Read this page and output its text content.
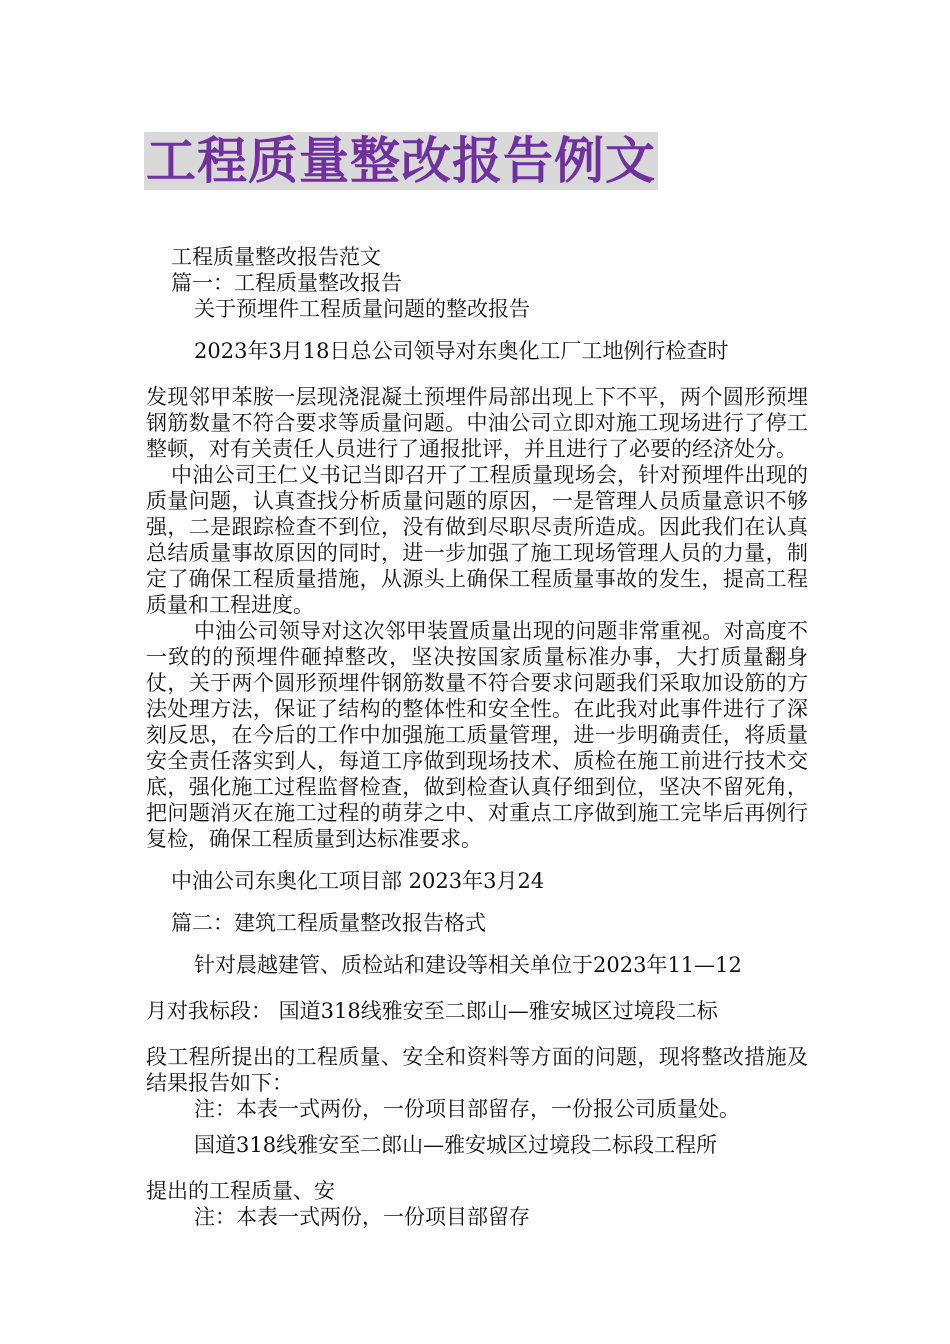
工程质量整改报告例文

工程质量整改报告范文

篇一：工程质量整改报告

关于预埋件工程质量问题的整改报告

2023年3月18日总公司领导对东奥化工厂工地例行检查时

发现邻甲苯胺一层现浇混凝土预埋件局部出现上下不平，两个圆形预埋钢筋数量不符合要求等质量问题。中油公司立即对施工现场进行了停工整顿，对有关责任人员进行了通报批评，并且进行了必要的经济处分。

中油公司王仁义书记当即召开了工程质量现场会，针对预埋件出现的质量问题，认真查找分析质量问题的原因，一是管理人员质量意识不够强，二是跟踪检查不到位，没有做到尽职尽责所造成。因此我们在认真总结质量事故原因的同时，进一步加强了施工现场管理人员的力量，制定了确保工程质量措施，从源头上确保工程质量事故的发生，提高工程质量和工程进度。

中油公司领导对这次邻甲装置质量出现的问题非常重视。对高度不一致的的预埋件砸掉整改，坚决按国家质量标准办事，大打质量翻身仗，关于两个圆形预埋件钢筋数量不符合要求问题我们采取加设筋的方法处理方法，保证了结构的整体性和安全性。在此我对此事件进行了深刻反思，在今后的工作中加强施工质量管理，进一步明确责任，将质量安全责任落实到人，每道工序做到现场技术、质检在施工前进行技术交底，强化施工过程监督检查，做到检查认真仔细到位，坚决不留死角，把问题消灭在施工过程的萌芽之中、对重点工序做到施工完毕后再例行复检，确保工程质量到达标准要求。

中油公司东奥化工项目部 2023年3月24

篇二：建筑工程质量整改报告格式

针对晨越建管、质检站和建设等相关单位于2023年11—12

月对我标段： 国道318线雅安至二郎山—雅安城区过境段二标

段工程所提出的工程质量、安全和资料等方面的问题，现将整改措施及结果报告如下：

注：本表一式两份，一份项目部留存，一份报公司质量处。

国道318线雅安至二郎山—雅安城区过境段二标段工程所

提出的工程质量、安

注：本表一式两份，一份项目部留存
